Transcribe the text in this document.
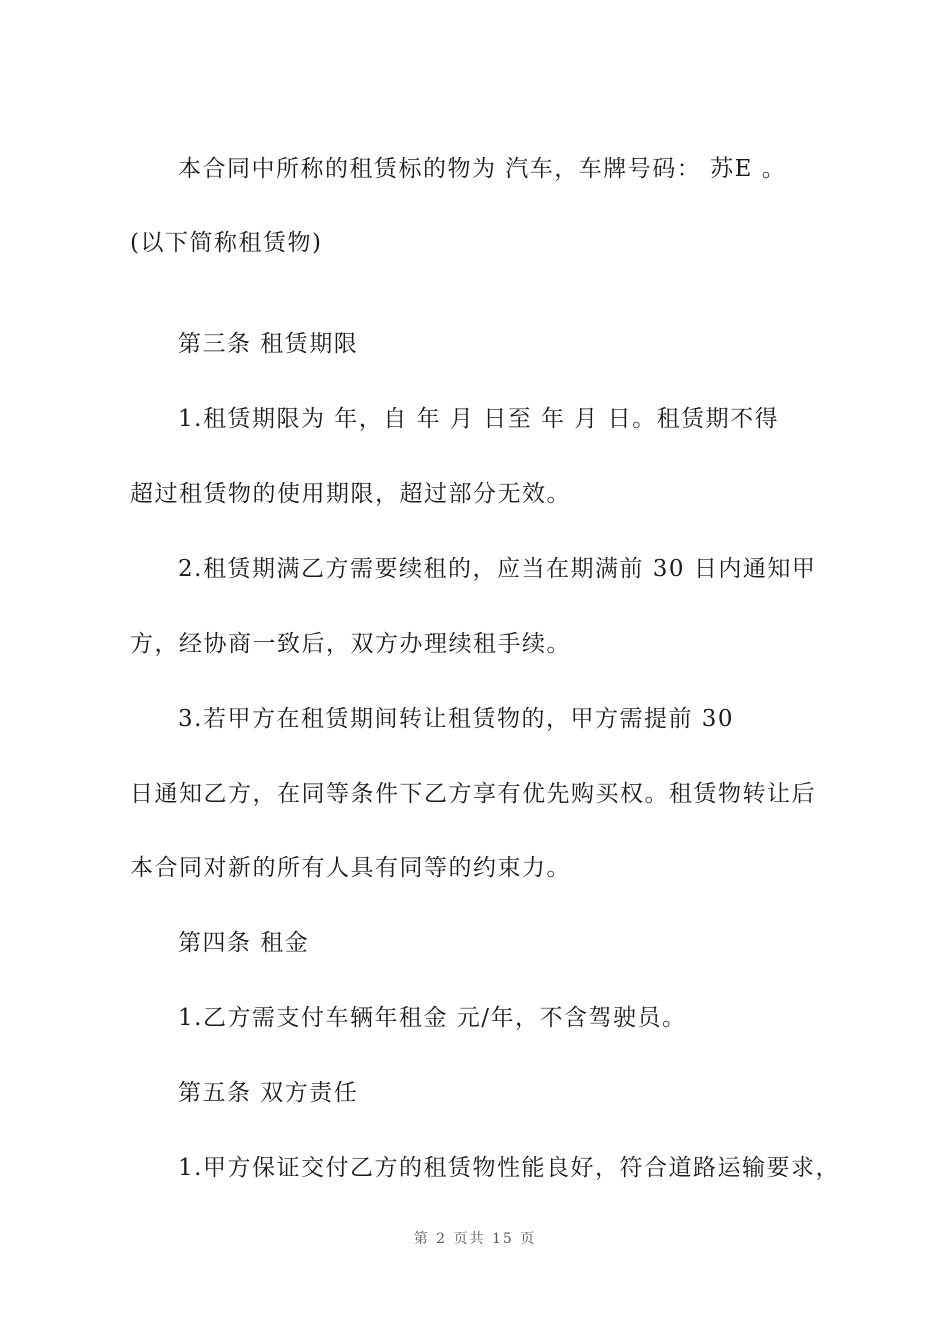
本合同中所称的租赁标的物为 汽车，车牌号码： 苏E 。
(以下简称租赁物)
第三条 租赁期限
1.租赁期限为 年，自 年 月 日至 年 月 日。租赁期不得
超过租赁物的使用期限，超过部分无效。
2.租赁期满乙方需要续租的，应当在期满前 30 日内通知甲
方，经协商一致后，双方办理续租手续。
3.若甲方在租赁期间转让租赁物的，甲方需提前 30
日通知乙方，在同等条件下乙方享有优先购买权。租赁物转让后
本合同对新的所有人具有同等的约束力。
第四条 租金
1.乙方需支付车辆年租金 元/年，不含驾驶员。
第五条 双方责任
1.甲方保证交付乙方的租赁物性能良好，符合道路运输要求，
第 2 页共 15 页
